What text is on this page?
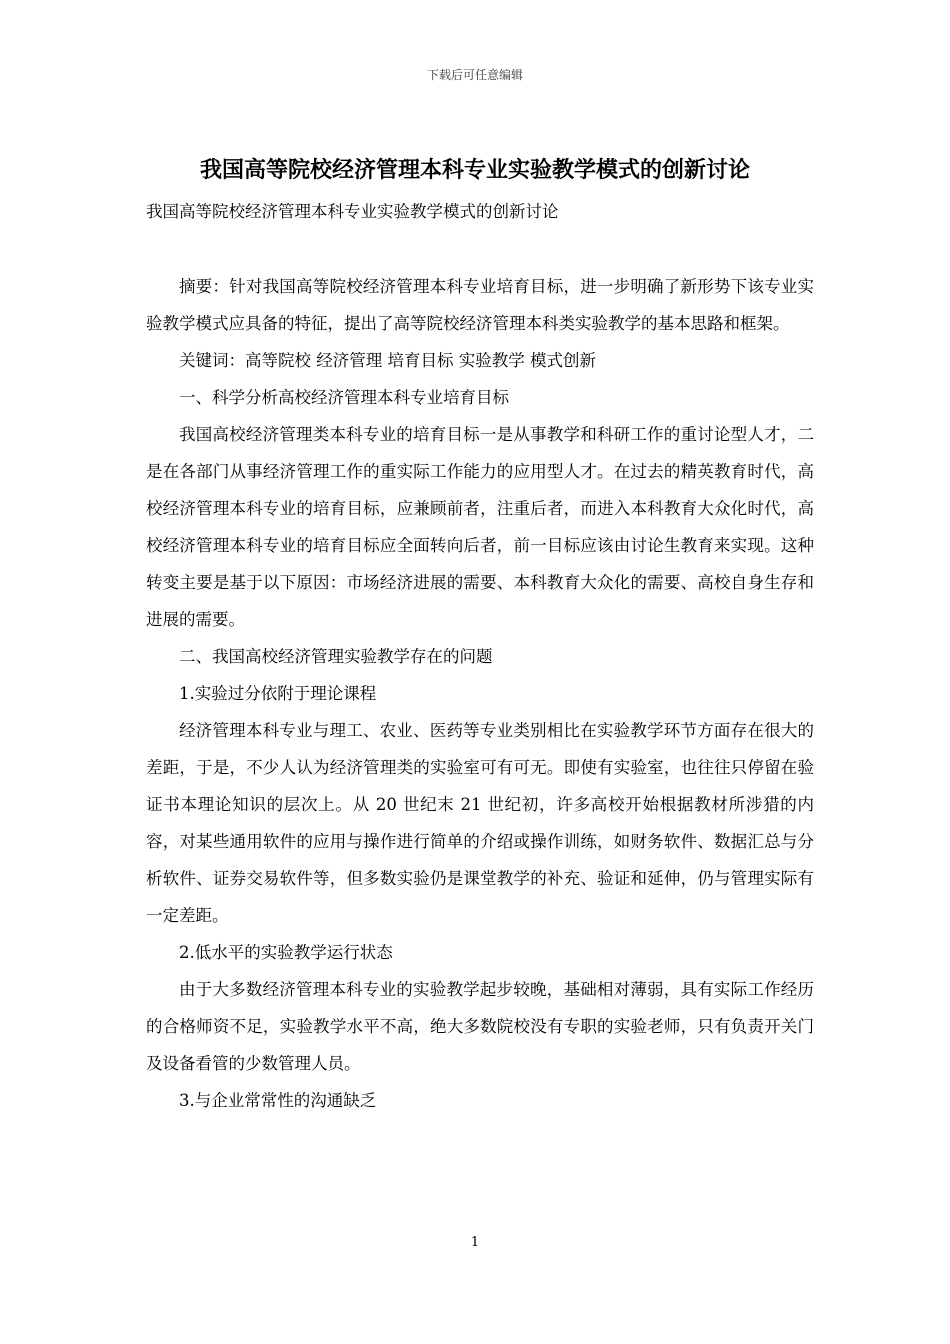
下载后可任意编辑
我国高等院校经济管理本科专业实验教学模式的创新讨论
我国高等院校经济管理本科专业实验教学模式的创新讨论

摘要：针对我国高等院校经济管理本科专业培育目标，进一步明确了新形势下该专业实验教学模式应具备的特征，提出了高等院校经济管理本科类实验教学的基本思路和框架。

关键词：高等院校 经济管理 培育目标 实验教学 模式创新

一、科学分析高校经济管理本科专业培育目标

我国高校经济管理类本科专业的培育目标一是从事教学和科研工作的重讨论型人才，二是在各部门从事经济管理工作的重实际工作能力的应用型人才。在过去的精英教育时代，高校经济管理本科专业的培育目标，应兼顾前者，注重后者，而进入本科教育大众化时代，高校经济管理本科专业的培育目标应全面转向后者，前一目标应该由讨论生教育来实现。这种转变主要是基于以下原因：市场经济进展的需要、本科教育大众化的需要、高校自身生存和进展的需要。

二、我国高校经济管理实验教学存在的问题

1.实验过分依附于理论课程

经济管理本科专业与理工、农业、医药等专业类别相比在实验教学环节方面存在很大的差距，于是，不少人认为经济管理类的实验室可有可无。即使有实验室，也往往只停留在验证书本理论知识的层次上。从 20 世纪末 21 世纪初，许多高校开始根据教材所涉猎的内容，对某些通用软件的应用与操作进行简单的介绍或操作训练，如财务软件、数据汇总与分析软件、证券交易软件等，但多数实验仍是课堂教学的补充、验证和延伸，仍与管理实际有一定差距。

2.低水平的实验教学运行状态

由于大多数经济管理本科专业的实验教学起步较晚，基础相对薄弱，具有实际工作经历的合格师资不足，实验教学水平不高，绝大多数院校没有专职的实验老师，只有负责开关门及设备看管的少数管理人员。

3.与企业常常性的沟通缺乏

1
